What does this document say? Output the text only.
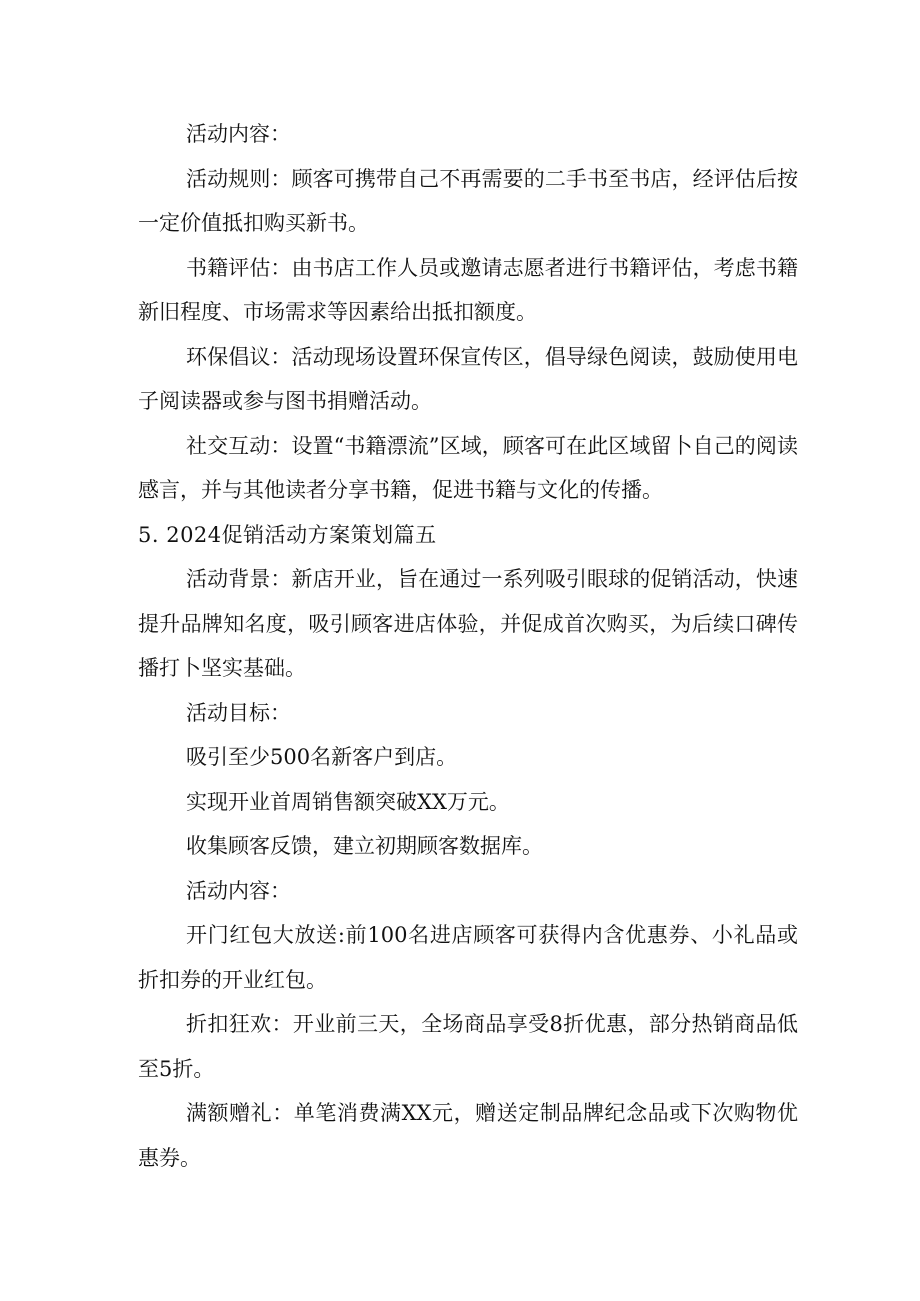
活动内容：

活动规则：顾客可携带自己不再需要的二手书至书店，经评估后按一定价值抵扣购买新书。

书籍评估：由书店工作人员或邀请志愿者进行书籍评估，考虑书籍新旧程度、市场需求等因素给出抵扣额度。

环保倡议：活动现场设置环保宣传区，倡导绿色阅读，鼓励使用电子阅读器或参与图书捐赠活动。

社交互动：设置“书籍漂流”区域，顾客可在此区域留卜自己的阅读感言，并与其他读者分享书籍，促进书籍与文化的传播。

5. 2024促销活动方案策划篇五

活动背景：新店开业，旨在通过一系列吸引眼球的促销活动，快速提升品牌知名度，吸引顾客进店体验，并促成首次购买，为后续口碑传播打卜坚实基础。

活动目标：

吸引至少500名新客户到店。

实现开业首周销售额突破XX万元。

收集顾客反馈，建立初期顾客数据库。

活动内容：

开门红包大放送:前100名进店顾客可获得内含优惠券、小礼品或折扣券的开业红包。

折扣狂欢：开业前三天，全场商品享受8折优惠，部分热销商品低至5折。

满额赠礼：单笔消费满XX元，赠送定制品牌纪念品或下次购物优惠券。
